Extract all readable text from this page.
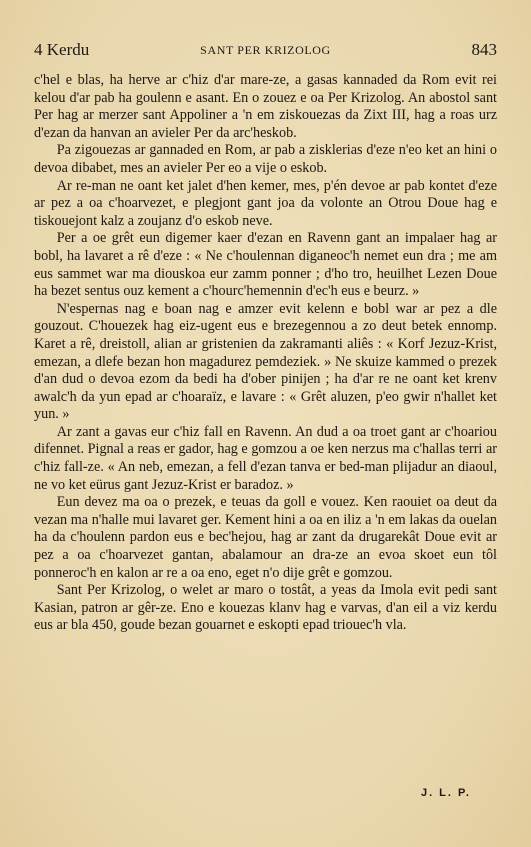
4 Kerdu	SANT PER KRIZOLOG	843

c'hel e blas, ha herve ar c'hiz d'ar mare-ze, a gasas kannaded da Rom evit rei kelou d'ar pab ha goulenn e asant. En o zouez e oa Per Krizolog. An abostol sant Per hag ar merzer sant Appoliner a 'n em ziskouezas da Zixt III, hag a roas urz d'ezan da hanvan an avieler Per da arc'heskob.

Pa zigouezas ar gannaded en Rom, ar pab a zisklerias d'eze n'eo ket an hini o devoa dibabet, mes an avieler Per eo a vije o eskob.

Ar re-man ne oant ket jalet d'hen kemer, mes, p'én devoe ar pab kontet d'eze ar pez a oa c'hoarvezet, e plegjont gant joa da volonte an Otrou Doue hag e tiskouejont kalz a zoujanz d'o eskob neve.

Per a oe grêt eun digemer kaer d'ezan en Ravenn gant an impalaer hag ar bobl, ha lavaret a rê d'eze : « Ne c'houlennan diganeoc'h nemet eun dra ; me am eus sammet war ma diouskoa eur zamm ponner ; d'ho tro, heuilhet Lezen Doue ha bezet sentus ouz kement a c'hourc'hemennin d'ec'h eus e beurz. »

N'espernas nag e boan nag e amzer evit kelenn e bobl war ar pez a dle gouzout. C'houezek hag eiz-ugent eus e brezegennou a zo deut betek ennomp. Karet a rê, dreistoll, alian ar gristenien da zakramanti aliês : « Korf Jezuz-Krist, emezan, a dlefe bezan hon magadurez pemdeziek. » Ne skuize kammed o prezek d'an dud o devoa ezom da bedi ha d'ober pinijen ; ha d'ar re ne oant ket krenv awalc'h da yun epad ar c'hoaraïz, e lavare : « Grêt aluzen, p'eo gwir n'hallet ket yun. »

Ar zant a gavas eur c'hiz fall en Ravenn. An dud a oa troet gant ar c'hoariou difennet. Pignal a reas er gador, hag e gomzou a oe ken nerzus ma c'hallas terri ar c'hiz fall-ze. « An neb, emezan, a fell d'ezan tanva er bed-man plijadur an diaoul, ne vo ket eürus gant Jezuz-Krist er baradoz. »

Eun devez ma oa o prezek, e teuas da goll e vouez. Ken raouiet oa deut da vezan ma n'halle mui lavaret ger. Kement hini a oa en iliz a 'n em lakas da ouelan ha da c'houlenn pardon eus e bec'hejou, hag ar zant da drugarekât Doue evit ar pez a oa c'hoarvezet gantan, abalamour an dra-ze an evoa skoet eun tôl ponneroc'h en kalon ar re a oa eno, eget n'o dije grêt e gomzou.

Sant Per Krizolog, o welet ar maro o tostât, a yeas da Imola evit pedi sant Kasian, patron ar gêr-ze. Eno e kouezas klanv hag e varvas, d'an eil a viz kerdu eus ar bla 450, goude bezan gouarnet e eskopti epad triouec'h vla.

J. L. P.
